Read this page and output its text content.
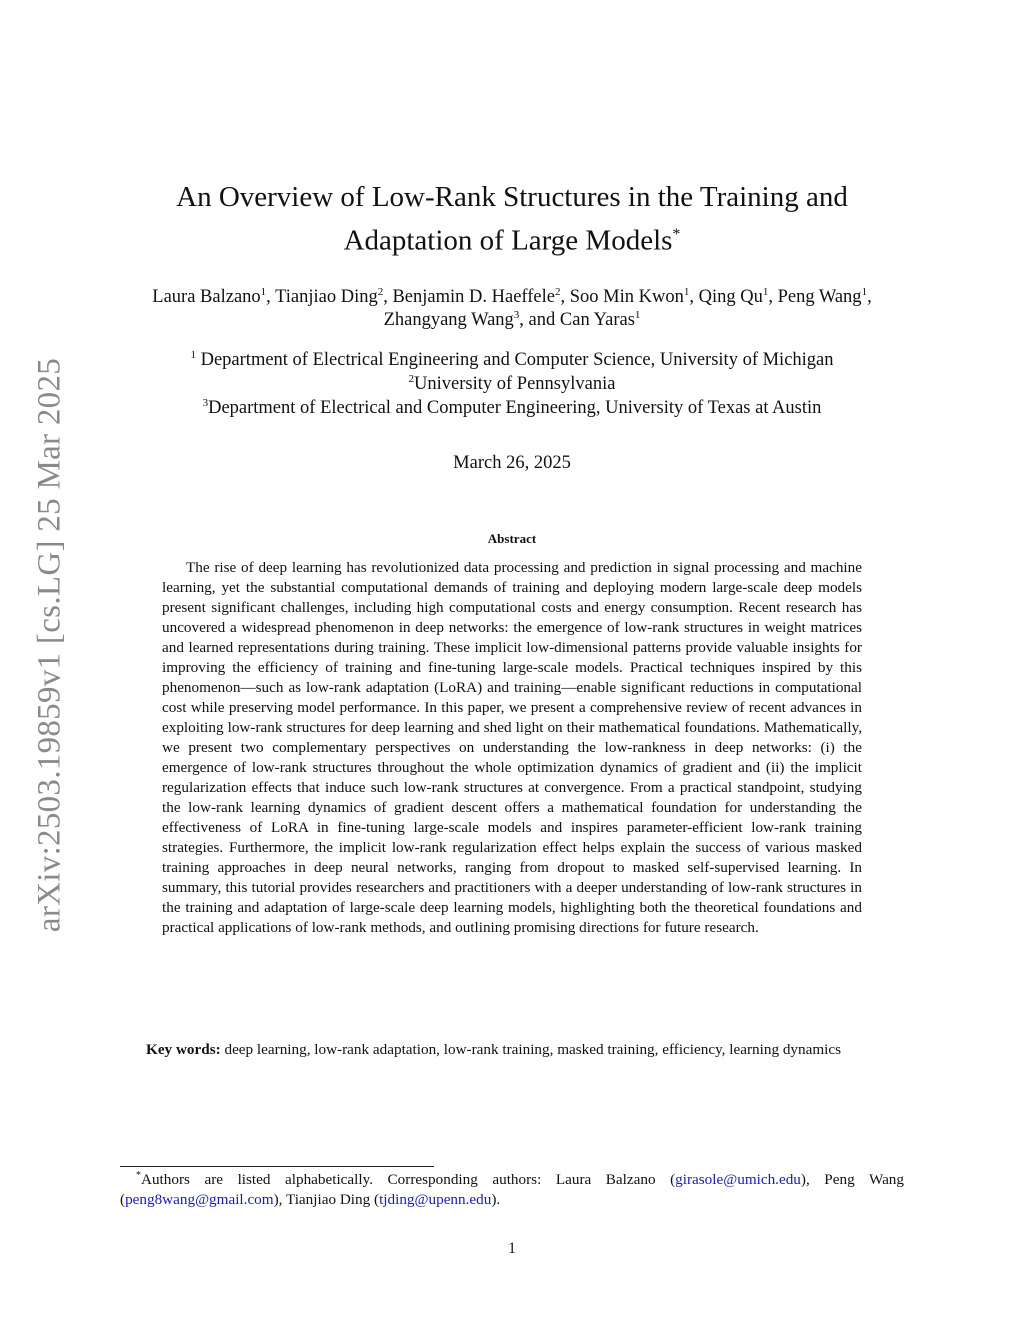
arXiv:2503.19859v1 [cs.LG] 25 Mar 2025
An Overview of Low-Rank Structures in the Training and
Adaptation of Large Models*
Laura Balzano$^1$, Tianjiao Ding$^2$, Benjamin D. Haeffele$^2$, Soo Min Kwon$^1$, Qing Qu$^1$, Peng Wang$^1$, Zhangyang Wang$^3$, and Can Yaras$^1$
$^1$ Department of Electrical Engineering and Computer Science, University of Michigan
$^2$University of Pennsylvania
$^3$Department of Electrical and Computer Engineering, University of Texas at Austin
March 26, 2025
Abstract
The rise of deep learning has revolutionized data processing and prediction in signal processing and machine learning, yet the substantial computational demands of training and deploying modern large-scale deep models present significant challenges, including high computational costs and energy consumption. Recent research has uncovered a widespread phenomenon in deep networks: the emergence of low-rank structures in weight matrices and learned representations during training. These implicit low-dimensional patterns provide valuable insights for improving the efficiency of training and fine-tuning large-scale models. Practical techniques inspired by this phenomenon—such as low-rank adaptation (LoRA) and training—enable significant reductions in computational cost while preserving model performance. In this paper, we present a comprehensive review of recent advances in exploiting low-rank structures for deep learning and shed light on their mathematical foundations. Mathematically, we present two complementary perspectives on understanding the low-rankness in deep networks: (i) the emergence of low-rank structures throughout the whole optimization dynamics of gradient and (ii) the implicit regularization effects that induce such low-rank structures at convergence. From a practical standpoint, studying the low-rank learning dynamics of gradient descent offers a mathematical foundation for understanding the effectiveness of LoRA in fine-tuning large-scale models and inspires parameter-efficient low-rank training strategies. Furthermore, the implicit low-rank regularization effect helps explain the success of various masked training approaches in deep neural networks, ranging from dropout to masked self-supervised learning. In summary, this tutorial provides researchers and practitioners with a deeper understanding of low-rank structures in the training and adaptation of large-scale deep learning models, highlighting both the theoretical foundations and practical applications of low-rank methods, and outlining promising directions for future research.
Key words: deep learning, low-rank adaptation, low-rank training, masked training, efficiency, learning dynamics
*Authors are listed alphabetically. Corresponding authors: Laura Balzano (girasole@umich.edu), Peng Wang (peng8wang@gmail.com), Tianjiao Ding (tjding@upenn.edu).
1
